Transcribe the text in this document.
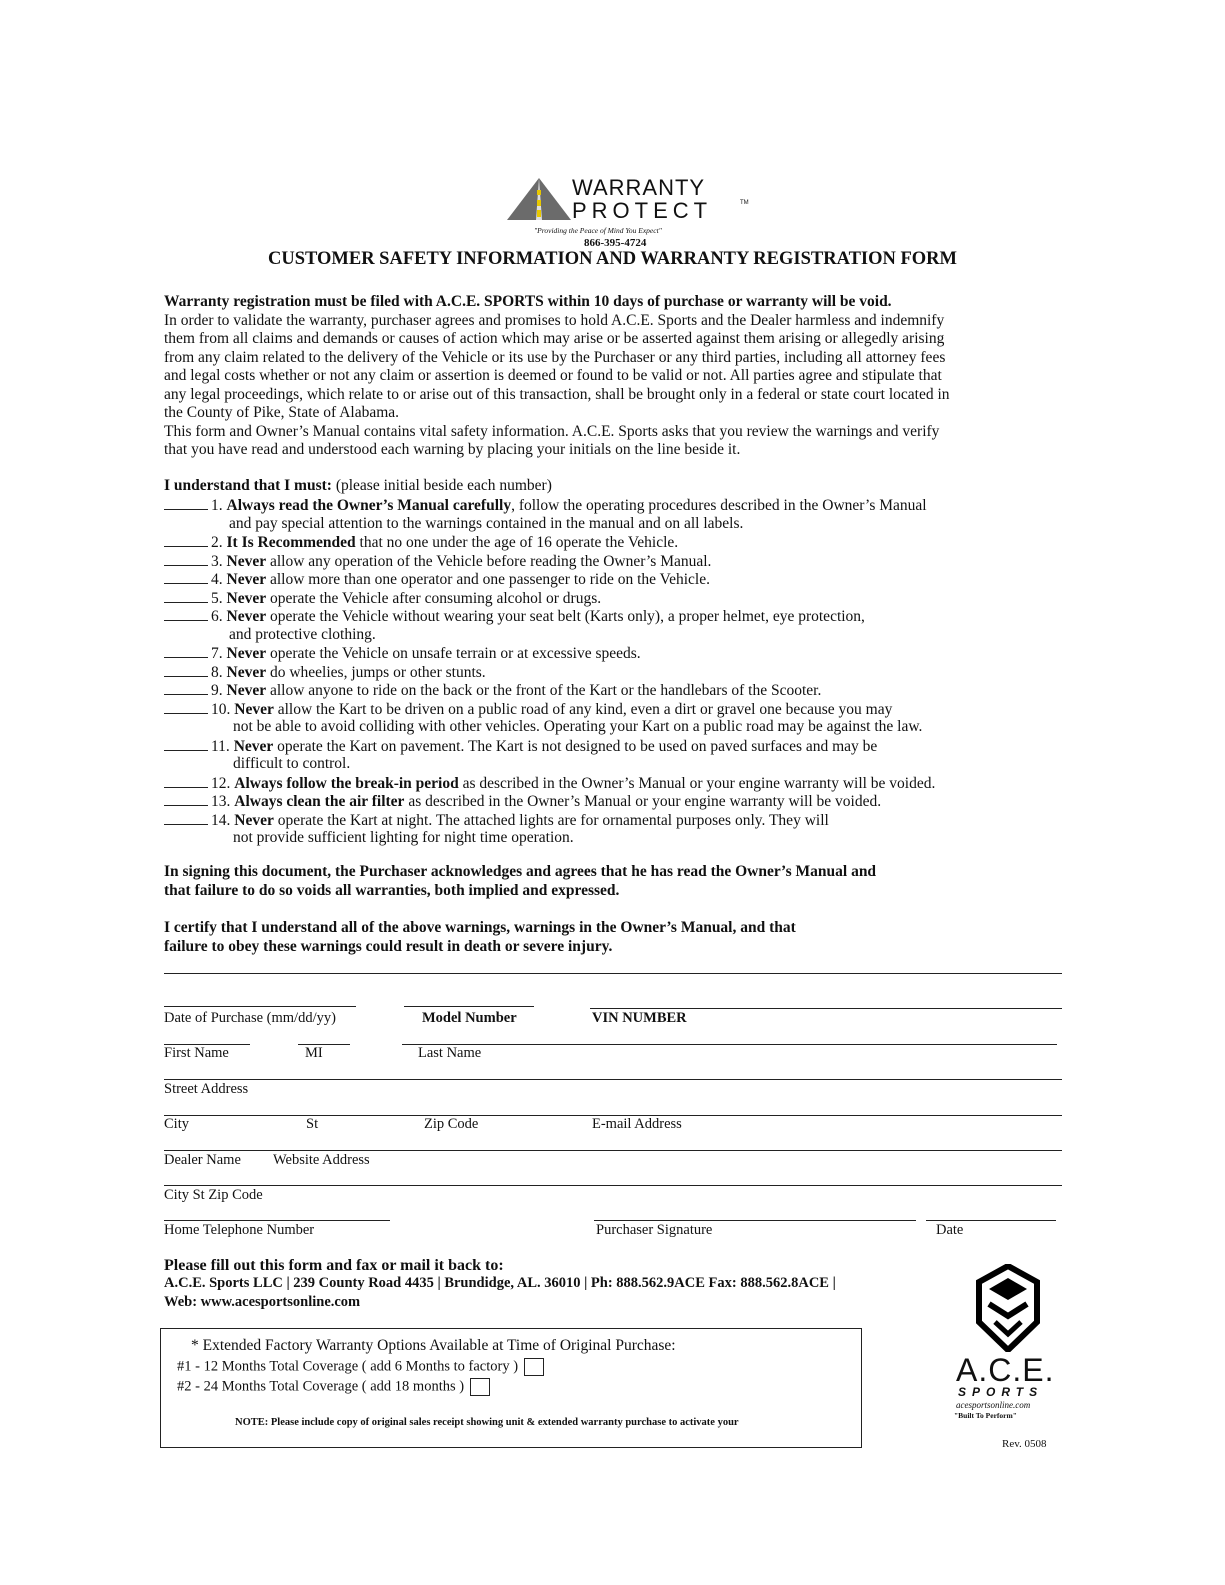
WARRANTY
PROTECT	TM
"Providing the Peace of Mind You Expect"
866-395-4724
CUSTOMER SAFETY INFORMATION AND WARRANTY REGISTRATION FORM
Warranty registration must be filed with A.C.E. SPORTS within 10 days of purchase or warranty will be void.
In order to validate the warranty, purchaser agrees and promises to hold A.C.E. Sports and the Dealer harmless and indemnify
them from all claims and demands or causes of action which may arise or be asserted against them arising or allegedly arising
from any claim related to the delivery of the Vehicle or its use by the Purchaser or any third parties, including all attorney fees
and legal costs whether or not any claim or assertion is deemed or found to be valid or not. All parties agree and stipulate that
any legal proceedings, which relate to or arise out of this transaction, shall be brought only in a federal or state court located in
the County of Pike, State of Alabama.
This form and Owner’s Manual contains vital safety information. A.C.E. Sports asks that you review the warnings and verify
that you have read and understood each warning by placing your initials on the line beside it.
I understand that I must: (please initial beside each number)
1. Always read the Owner’s Manual carefully, follow the operating procedures described in the Owner’s Manual
and pay special attention to the warnings contained in the manual and on all labels.
2. It Is Recommended that no one under the age of 16 operate the Vehicle.
3. Never allow any operation of the Vehicle before reading the Owner’s Manual.
4. Never allow more than one operator and one passenger to ride on the Vehicle.
5. Never operate the Vehicle after consuming alcohol or drugs.
6. Never operate the Vehicle without wearing your seat belt (Karts only), a proper helmet, eye protection,
and protective clothing.
7. Never operate the Vehicle on unsafe terrain or at excessive speeds.
8. Never do wheelies, jumps or other stunts.
9. Never allow anyone to ride on the back or the front of the Kart or the handlebars of the Scooter.
10. Never allow the Kart to be driven on a public road of any kind, even a dirt or gravel one because you may
not be able to avoid colliding with other vehicles. Operating your Kart on a public road may be against the law.
11. Never operate the Kart on pavement. The Kart is not designed to be used on paved surfaces and may be
difficult to control.
12. Always follow the break-in period as described in the Owner’s Manual or your engine warranty will be voided.
13. Always clean the air filter as described in the Owner’s Manual or your engine warranty will be voided.
14. Never operate the Kart at night. The attached lights are for ornamental purposes only. They will
not provide sufficient lighting for night time operation.
In signing this document, the Purchaser acknowledges and agrees that he has read the Owner’s Manual and
that failure to do so voids all warranties, both implied and expressed.
I certify that I understand all of the above warnings, warnings in the Owner’s Manual, and that
failure to obey these warnings could result in death or severe injury.
Date of Purchase (mm/dd/yy)	Model Number	VIN NUMBER
First Name	MI	Last Name
Street Address
City	St	Zip Code	E-mail Address
Dealer Name Website Address
City St Zip Code
Home Telephone Number	Purchaser Signature	Date
Please fill out this form and fax or mail it back to:
A.C.E. Sports LLC | 239 County Road 4435 | Brundidge, AL. 36010 | Ph: 888.562.9ACE Fax: 888.562.8ACE |
Web: www.acesportsonline.com
* Extended Factory Warranty Options Available at Time of Original Purchase:
#1 - 12 Months Total Coverage ( add 6 Months to factory )
#2 - 24 Months Total Coverage ( add 18 months )
NOTE: Please include copy of original sales receipt showing unit & extended warranty purchase to activate your
A.C.E.
SPORTS
acesportsonline.com
"Built To Perform"
Rev. 0508
